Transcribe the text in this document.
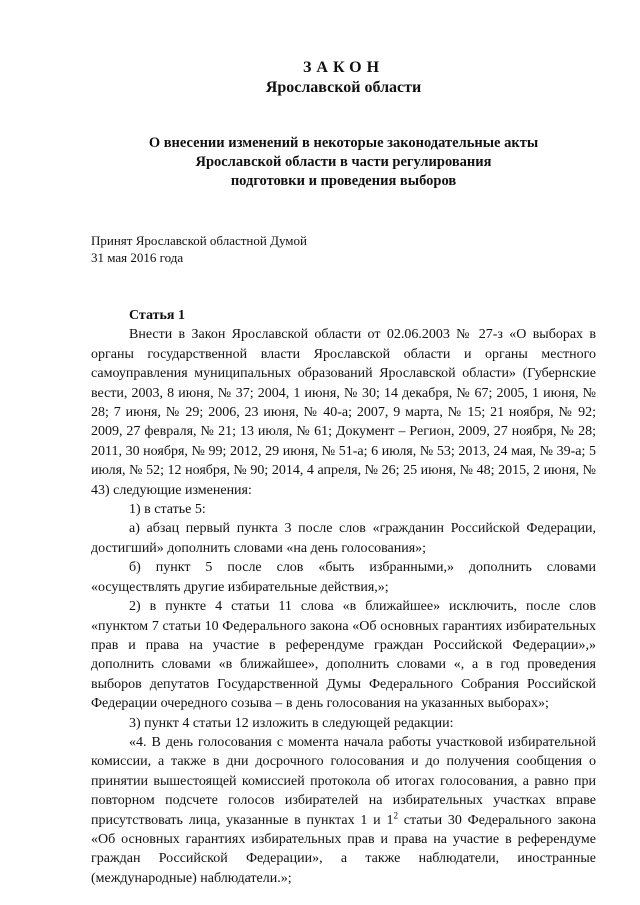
ЗАКОН
Ярославской области
О внесении изменений в некоторые законодательные акты
Ярославской области в части регулирования
подготовки и проведения выборов
Принят Ярославской областной Думой
31 мая 2016 года
Статья 1

Внести в Закон Ярославской области от 02.06.2003 № 27-з «О выборах в органы государственной власти Ярославской области и органы местного самоуправления муниципальных образований Ярославской области» (Губернские вести, 2003, 8 июня, № 37; 2004, 1 июня, № 30; 14 декабря, № 67; 2005, 1 июня, № 28; 7 июня, № 29; 2006, 23 июня, № 40-а; 2007, 9 марта, № 15; 21 ноября, № 92; 2009, 27 февраля, № 21; 13 июля, № 61; Документ – Регион, 2009, 27 ноября, № 28; 2011, 30 ноября, № 99; 2012, 29 июня, № 51-а; 6 июля, № 53; 2013, 24 мая, № 39-а; 5 июля, № 52; 12 ноября, № 90; 2014, 4 апреля, № 26; 25 июня, № 48; 2015, 2 июня, № 43) следующие изменения:

1) в статье 5:

а) абзац первый пункта 3 после слов «гражданин Российской Федерации, достигший» дополнить словами «на день голосования»;

б) пункт 5 после слов «быть избранными,» дополнить словами «осуществлять другие избирательные действия,»;

2) в пункте 4 статьи 11 слова «в ближайшее» исключить, после слов «пунктом 7 статьи 10 Федерального закона «Об основных гарантиях избирательных прав и права на участие в референдуме граждан Российской Федерации»,» дополнить словами «в ближайшее», дополнить словами «, а в год проведения выборов депутатов Государственной Думы Федерального Собрания Российской Федерации очередного созыва – в день голосования на указанных выборах»;

3) пункт 4 статьи 12 изложить в следующей редакции:

«4. В день голосования с момента начала работы участковой избирательной комиссии, а также в дни досрочного голосования и до получения сообщения о принятии вышестоящей комиссией протокола об итогах голосования, а равно при повторном подсчете голосов избирателей на избирательных участках вправе присутствовать лица, указанные в пунктах 1 и $1^2$ статьи 30 Федерального закона «Об основных гарантиях избирательных прав и права на участие в референдуме граждан Российской Федерации», а также наблюдатели, иностранные (международные) наблюдатели.»;
